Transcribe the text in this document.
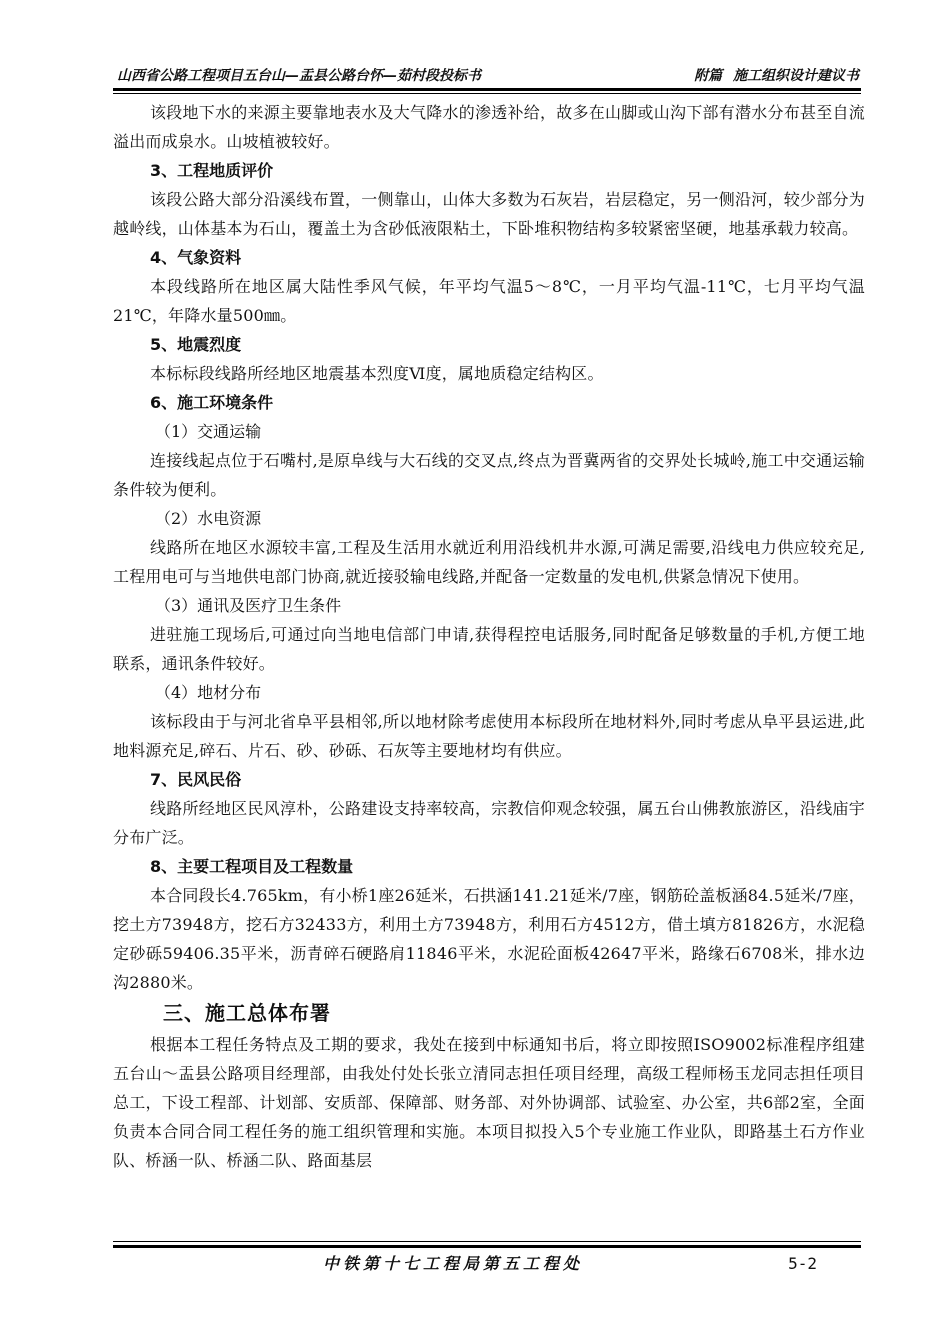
山西省公路工程项目五台山—盂县公路台怀—茹村段投标书	附篇 施工组织设计建议书

该段地下水的来源主要靠地表水及大气降水的渗透补给，故多在山脚或山沟下部有潜水分布甚至自流溢出而成泉水。山坡植被较好。

3、工程地质评价

该段公路大部分沿溪线布置，一侧靠山，山体大多数为石灰岩，岩层稳定，另一侧沿河，较少部分为越岭线，山体基本为石山，覆盖土为含砂低液限粘土，下卧堆积物结构多较紧密坚硬，地基承载力较高。

4、气象资料

本段线路所在地区属大陆性季风气候，年平均气温5～8℃，一月平均气温-11℃，七月平均气温21℃，年降水量500㎜。

5、地震烈度

本标标段线路所经地区地震基本烈度Ⅵ度，属地质稳定结构区。

6、施工环境条件

（1）交通运输

连接线起点位于石嘴村,是原阜线与大石线的交叉点,终点为晋冀两省的交界处长城岭,施工中交通运输条件较为便利。

（2）水电资源

线路所在地区水源较丰富,工程及生活用水就近利用沿线机井水源,可满足需要,沿线电力供应较充足,工程用电可与当地供电部门协商,就近接驳输电线路,并配备一定数量的发电机,供紧急情况下使用。

（3）通讯及医疗卫生条件

进驻施工现场后,可通过向当地电信部门申请,获得程控电话服务,同时配备足够数量的手机,方便工地联系，通讯条件较好。

（4）地材分布

该标段由于与河北省阜平县相邻,所以地材除考虑使用本标段所在地材料外,同时考虑从阜平县运进,此地料源充足,碎石、片石、砂、砂砾、石灰等主要地材均有供应。

7、民风民俗

线路所经地区民风淳朴，公路建设支持率较高，宗教信仰观念较强，属五台山佛教旅游区，沿线庙宇分布广泛。

8、主要工程项目及工程数量

本合同段长4.765km，有小桥1座26延米，石拱涵141.21延米/7座，钢筋砼盖板涵84.5延米/7座，挖土方73948方，挖石方32433方，利用土方73948方，利用石方4512方，借土填方81826方，水泥稳定砂砾59406.35平米，沥青碎石硬路肩11846平米，水泥砼面板42647平米，路缘石6708米，排水边沟2880米。

三、施工总体布署

根据本工程任务特点及工期的要求，我处在接到中标通知书后，将立即按照ISO9002标准程序组建五台山～盂县公路项目经理部，由我处付处长张立清同志担任项目经理，高级工程师杨玉龙同志担任项目总工，下设工程部、计划部、安质部、保障部、财务部、对外协调部、试验室、办公室，共6部2室，全面负责本合同合同工程任务的施工组织管理和实施。本项目拟投入5个专业施工作业队，即路基土石方作业队、桥涵一队、桥涵二队、路面基层

中铁第十七工程局第五工程处	5-2
